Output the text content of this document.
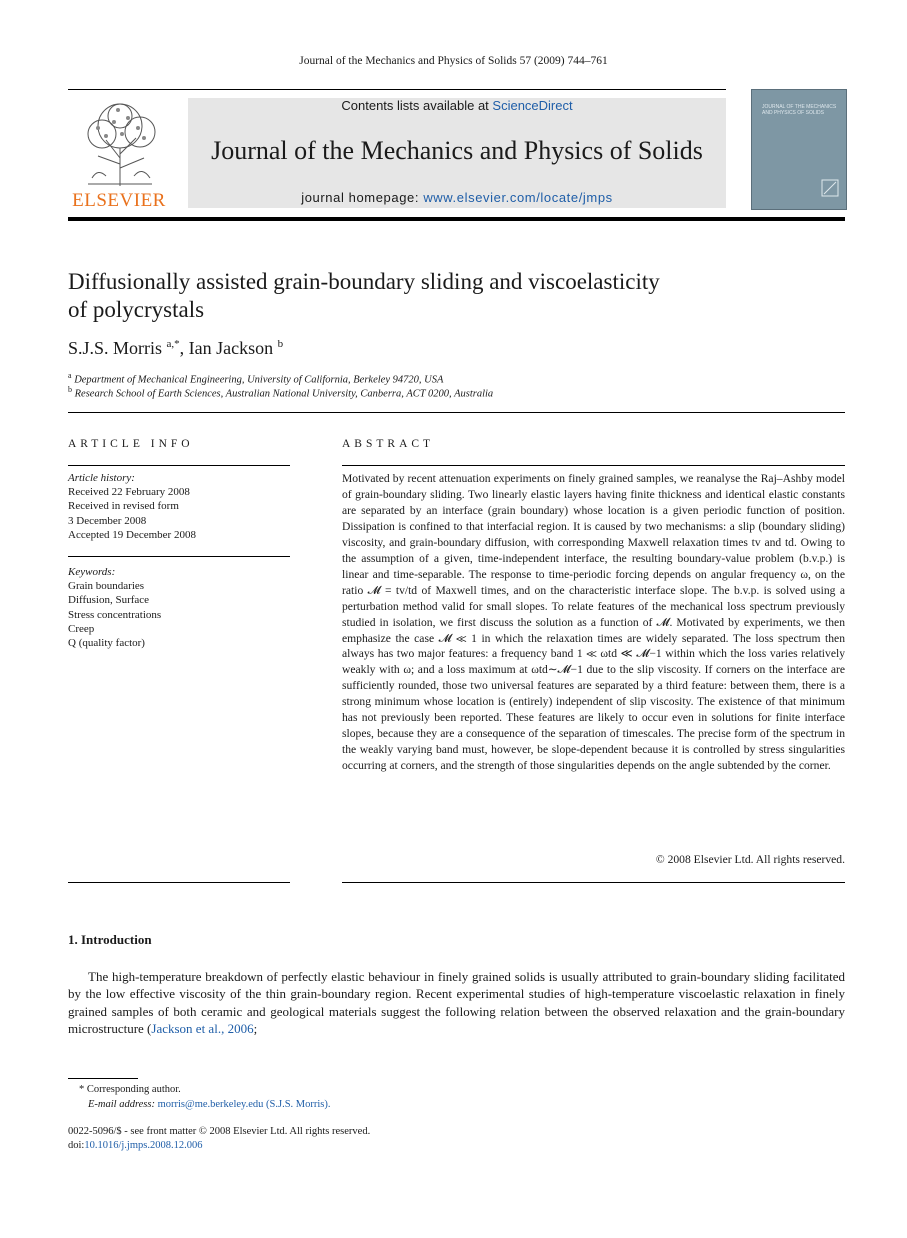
Journal of the Mechanics and Physics of Solids 57 (2009) 744–761
ELSEVIER
Contents lists available at ScienceDirect
Journal of the Mechanics and Physics of Solids
journal homepage: www.elsevier.com/locate/jmps
JOURNAL OF THE MECHANICS AND PHYSICS OF SOLIDS
Diffusionally assisted grain-boundary sliding and viscoelasticity
of polycrystals
S.J.S. Morris $^{a,*}$, Ian Jackson $^b$
$^a$ Department of Mechanical Engineering, University of California, Berkeley 94720, USA
$^b$ Research School of Earth Sciences, Australian National University, Canberra, ACT 0200, Australia
ARTICLE INFO	ABSTRACT
Article history:
Received 22 February 2008
Received in revised form
3 December 2008
Accepted 19 December 2008
Keywords:
Grain boundaries
Diffusion, Surface
Stress concentrations
Creep
Q (quality factor)
Motivated by recent attenuation experiments on finely grained samples, we reanalyse the Raj–Ashby model of grain-boundary sliding. Two linearly elastic layers having finite thickness and identical elastic constants are separated by an interface (grain boundary) whose location is a given periodic function of position. Dissipation is confined to that interfacial region. It is caused by two mechanisms: a slip (boundary sliding) viscosity, and grain-boundary diffusion, with corresponding Maxwell relaxation times tv and td. Owing to the assumption of a given, time-independent interface, the resulting boundary-value problem (b.v.p.) is linear and time-separable. The response to time-periodic forcing depends on angular frequency ω, on the ratio 𝓜 = tv/td of Maxwell times, and on the characteristic interface slope. The b.v.p. is solved using a perturbation method valid for small slopes. To relate features of the mechanical loss spectrum previously studied in isolation, we first discuss the solution as a function of 𝓜. Motivated by experiments, we then emphasize the case 𝓜 ≪ 1 in which the relaxation times are widely separated. The loss spectrum then always has two major features: a frequency band 1 ≪ ωtd ≪ 𝓜−1 within which the loss varies relatively weakly with ω; and a loss maximum at ωtd∼𝓜−1 due to the slip viscosity. If corners on the interface are sufficiently rounded, those two universal features are separated by a third feature: between them, there is a strong minimum whose location is (entirely) independent of slip viscosity. The existence of that minimum has not previously been reported. These features are likely to occur even in solutions for finite interface slopes, because they are a consequence of the separation of timescales. The precise form of the spectrum in the weakly varying band must, however, be slope-dependent because it is controlled by stress singularities occurring at corners, and the strength of those singularities depends on the angle subtended by the corner.
© 2008 Elsevier Ltd. All rights reserved.
1. Introduction
The high-temperature breakdown of perfectly elastic behaviour in finely grained solids is usually attributed to grain-boundary sliding facilitated by the low effective viscosity of the thin grain-boundary region. Recent experimental studies of high-temperature viscoelastic relaxation in finely grained samples of both ceramic and geological materials suggest the following relation between the observed relaxation and the grain-boundary microstructure (Jackson et al., 2006;
* Corresponding author.
E-mail address: morris@me.berkeley.edu (S.J.S. Morris).
0022-5096/$ - see front matter © 2008 Elsevier Ltd. All rights reserved.
doi:10.1016/j.jmps.2008.12.006
